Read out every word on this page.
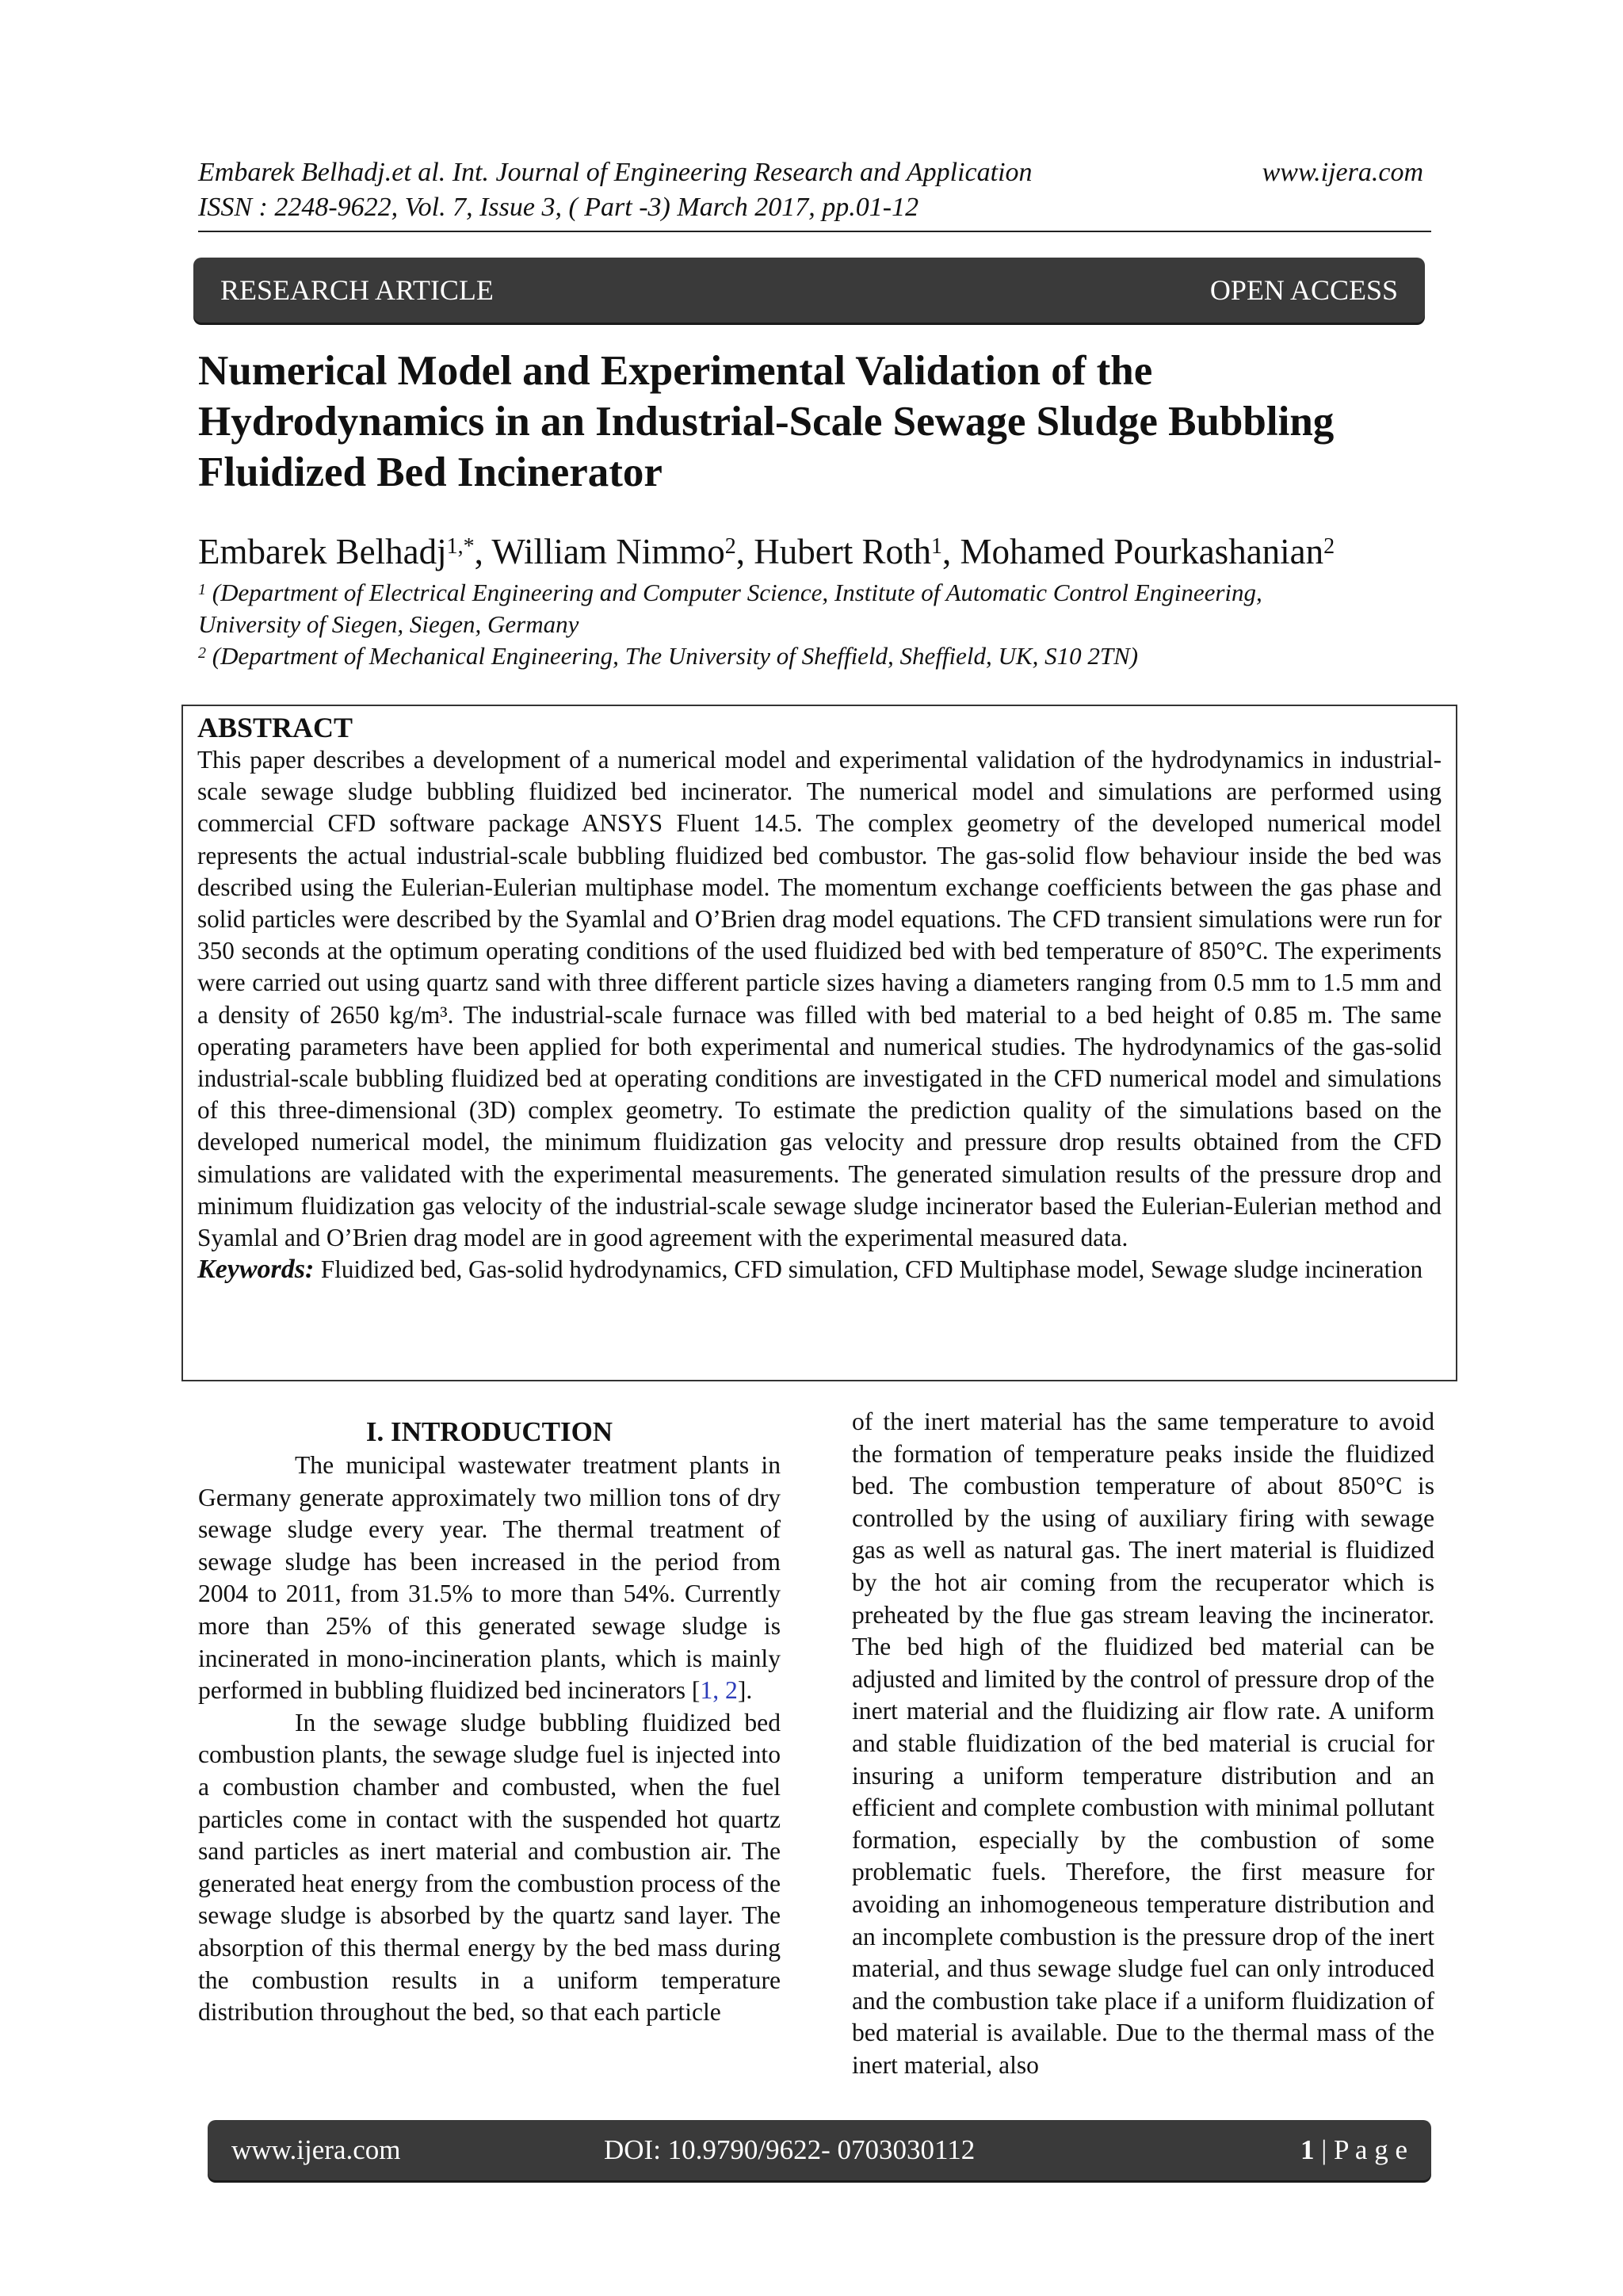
Embarek Belhadj.et al. Int. Journal of Engineering Research and Application	www.ijera.com
ISSN : 2248-9622, Vol. 7, Issue 3, ( Part -3) March 2017, pp.01-12
RESEARCH ARTICLE	OPEN ACCESS
Numerical Model and Experimental Validation of the
Hydrodynamics in an Industrial-Scale Sewage Sludge Bubbling
Fluidized Bed Incinerator
Embarek Belhadj$^{1,*}$, William Nimmo$^2$, Hubert Roth$^1$, Mohamed Pourkashanian$^2$
$^1$ (Department of Electrical Engineering and Computer Science, Institute of Automatic Control Engineering,
University of Siegen, Siegen, Germany
$^2$ (Department of Mechanical Engineering, The University of Sheffield, Sheffield, UK, S10 2TN)
ABSTRACT
This paper describes a development of a numerical model and experimental validation of the hydrodynamics in industrial-scale sewage sludge bubbling fluidized bed incinerator. The numerical model and simulations are performed using commercial CFD software package ANSYS Fluent 14.5. The complex geometry of the developed numerical model represents the actual industrial-scale bubbling fluidized bed combustor. The gas-solid flow behaviour inside the bed was described using the Eulerian-Eulerian multiphase model. The momentum exchange coefficients between the gas phase and solid particles were described by the Syamlal and O’Brien drag model equations. The CFD transient simulations were run for 350 seconds at the optimum operating conditions of the used fluidized bed with bed temperature of 850°C. The experiments were carried out using quartz sand with three different particle sizes having a diameters ranging from 0.5 mm to 1.5 mm and a density of 2650 kg/m³. The industrial-scale furnace was filled with bed material to a bed height of 0.85 m. The same operating parameters have been applied for both experimental and numerical studies. The hydrodynamics of the gas-solid industrial-scale bubbling fluidized bed at operating conditions are investigated in the CFD numerical model and simulations of this three-dimensional (3D) complex geometry. To estimate the prediction quality of the simulations based on the developed numerical model, the minimum fluidization gas velocity and pressure drop results obtained from the CFD simulations are validated with the experimental measurements. The generated simulation results of the pressure drop and minimum fluidization gas velocity of the industrial-scale sewage sludge incinerator based the Eulerian-Eulerian method and Syamlal and O’Brien drag model are in good agreement with the experimental measured data.
Keywords: Fluidized bed, Gas-solid hydrodynamics, CFD simulation, CFD Multiphase model, Sewage sludge incineration
I. INTRODUCTION

The municipal wastewater treatment plants in Germany generate approximately two million tons of dry sewage sludge every year. The thermal treatment of sewage sludge has been increased in the period from 2004 to 2011, from 31.5% to more than 54%. Currently more than 25% of this generated sewage sludge is incinerated in mono-incineration plants, which is mainly performed in bubbling fluidized bed incinerators [1, 2].

In the sewage sludge bubbling fluidized bed combustion plants, the sewage sludge fuel is injected into a combustion chamber and combusted, when the fuel particles come in contact with the suspended hot quartz sand particles as inert material and combustion air. The generated heat energy from the combustion process of the sewage sludge is absorbed by the quartz sand layer. The absorption of this thermal energy by the bed mass during the combustion results in a uniform temperature distribution throughout the bed, so that each particle

of the inert material has the same temperature to avoid the formation of temperature peaks inside the fluidized bed. The combustion temperature of about 850°C is controlled by the using of auxiliary firing with sewage gas as well as natural gas. The inert material is fluidized by the hot air coming from the recuperator which is preheated by the flue gas stream leaving the incinerator. The bed high of the fluidized bed material can be adjusted and limited by the control of pressure drop of the inert material and the fluidizing air flow rate. A uniform and stable fluidization of the bed material is crucial for insuring a uniform temperature distribution and an efficient and complete combustion with minimal pollutant formation, especially by the combustion of some problematic fuels. Therefore, the first measure for avoiding an inhomogeneous temperature distribution and an incomplete combustion is the pressure drop of the inert material, and thus sewage sludge fuel can only introduced and the combustion take place if a uniform fluidization of bed material is available. Due to the thermal mass of the inert material, also

www.ijera.com	DOI: 10.9790/9622- 0703030112	1 | P a g e
